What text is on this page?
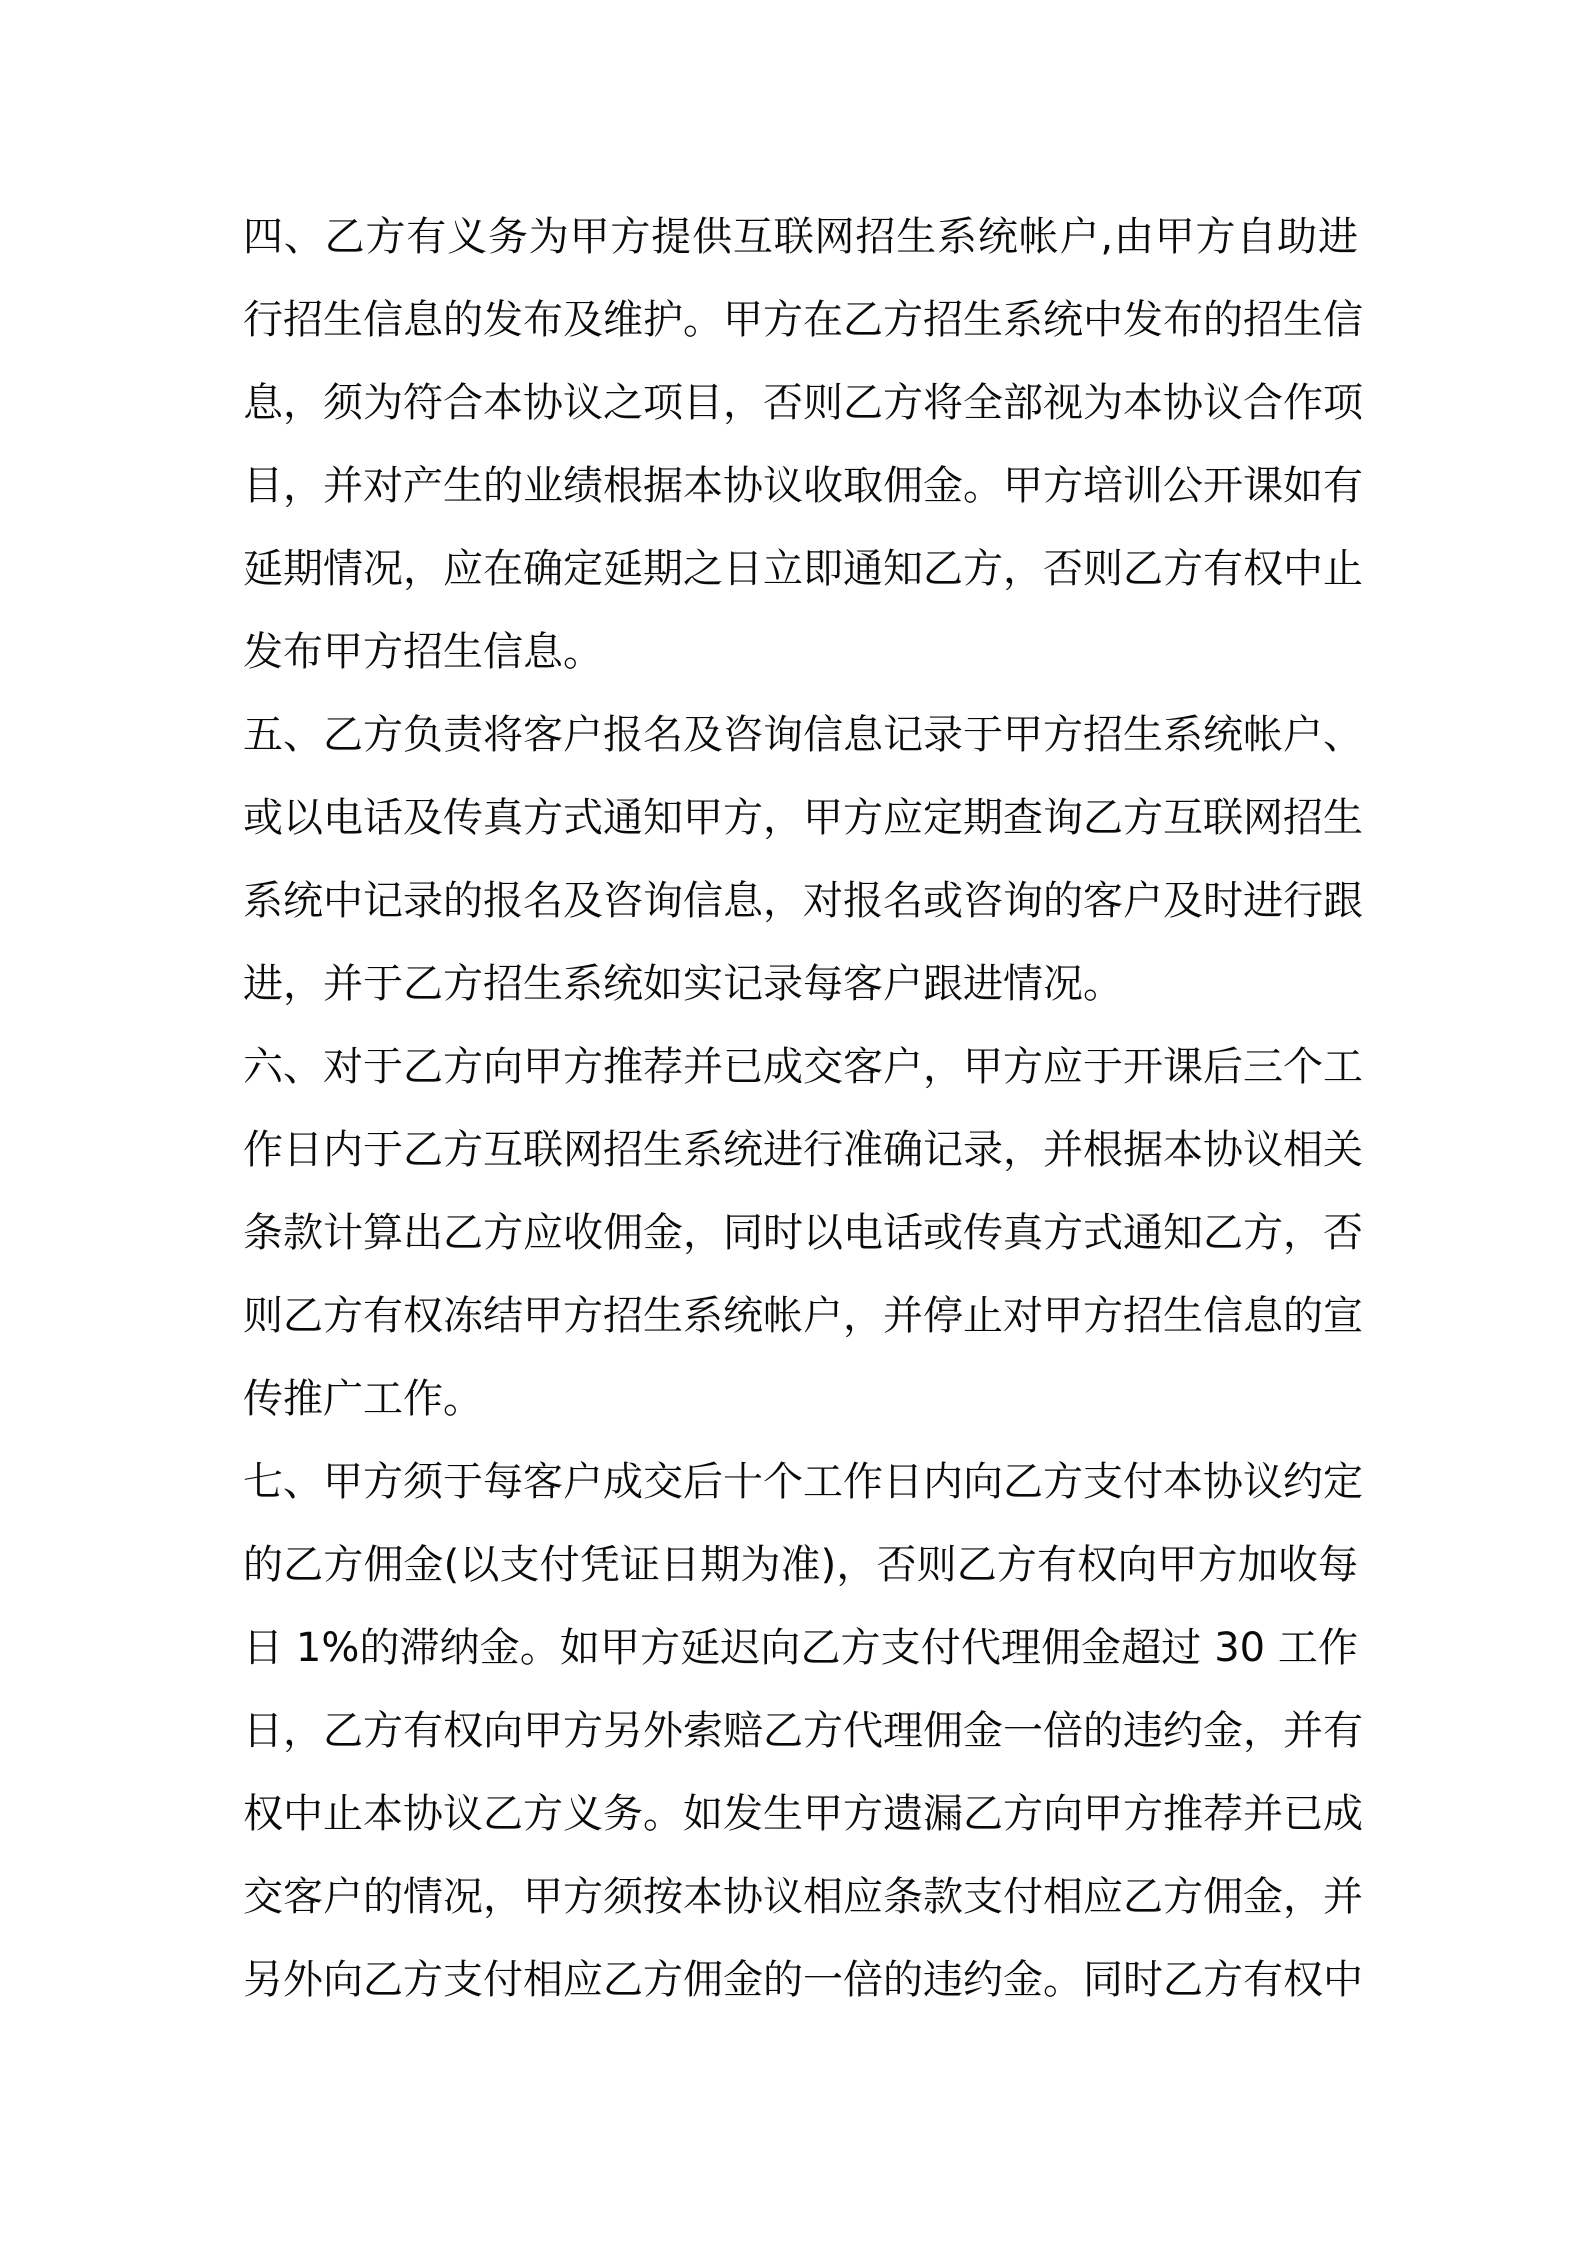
四、乙方有义务为甲方提供互联网招生系统帐户,由甲方自助进
行招生信息的发布及维护。甲方在乙方招生系统中发布的招生信
息，须为符合本协议之项目，否则乙方将全部视为本协议合作项
目，并对产生的业绩根据本协议收取佣金。甲方培训公开课如有
延期情况，应在确定延期之日立即通知乙方，否则乙方有权中止
发布甲方招生信息。
五、乙方负责将客户报名及咨询信息记录于甲方招生系统帐户、
或以电话及传真方式通知甲方，甲方应定期查询乙方互联网招生
系统中记录的报名及咨询信息，对报名或咨询的客户及时进行跟
进，并于乙方招生系统如实记录每客户跟进情况。
六、对于乙方向甲方推荐并已成交客户，甲方应于开课后三个工
作日内于乙方互联网招生系统进行准确记录，并根据本协议相关
条款计算出乙方应收佣金，同时以电话或传真方式通知乙方，否
则乙方有权冻结甲方招生系统帐户，并停止对甲方招生信息的宣
传推广工作。
七、甲方须于每客户成交后十个工作日内向乙方支付本协议约定
的乙方佣金(以支付凭证日期为准)，否则乙方有权向甲方加收每
日 1%的滞纳金。如甲方延迟向乙方支付代理佣金超过 30 工作
日，乙方有权向甲方另外索赔乙方代理佣金一倍的违约金，并有
权中止本协议乙方义务。如发生甲方遗漏乙方向甲方推荐并已成
交客户的情况，甲方须按本协议相应条款支付相应乙方佣金，并
另外向乙方支付相应乙方佣金的一倍的违约金。同时乙方有权中
